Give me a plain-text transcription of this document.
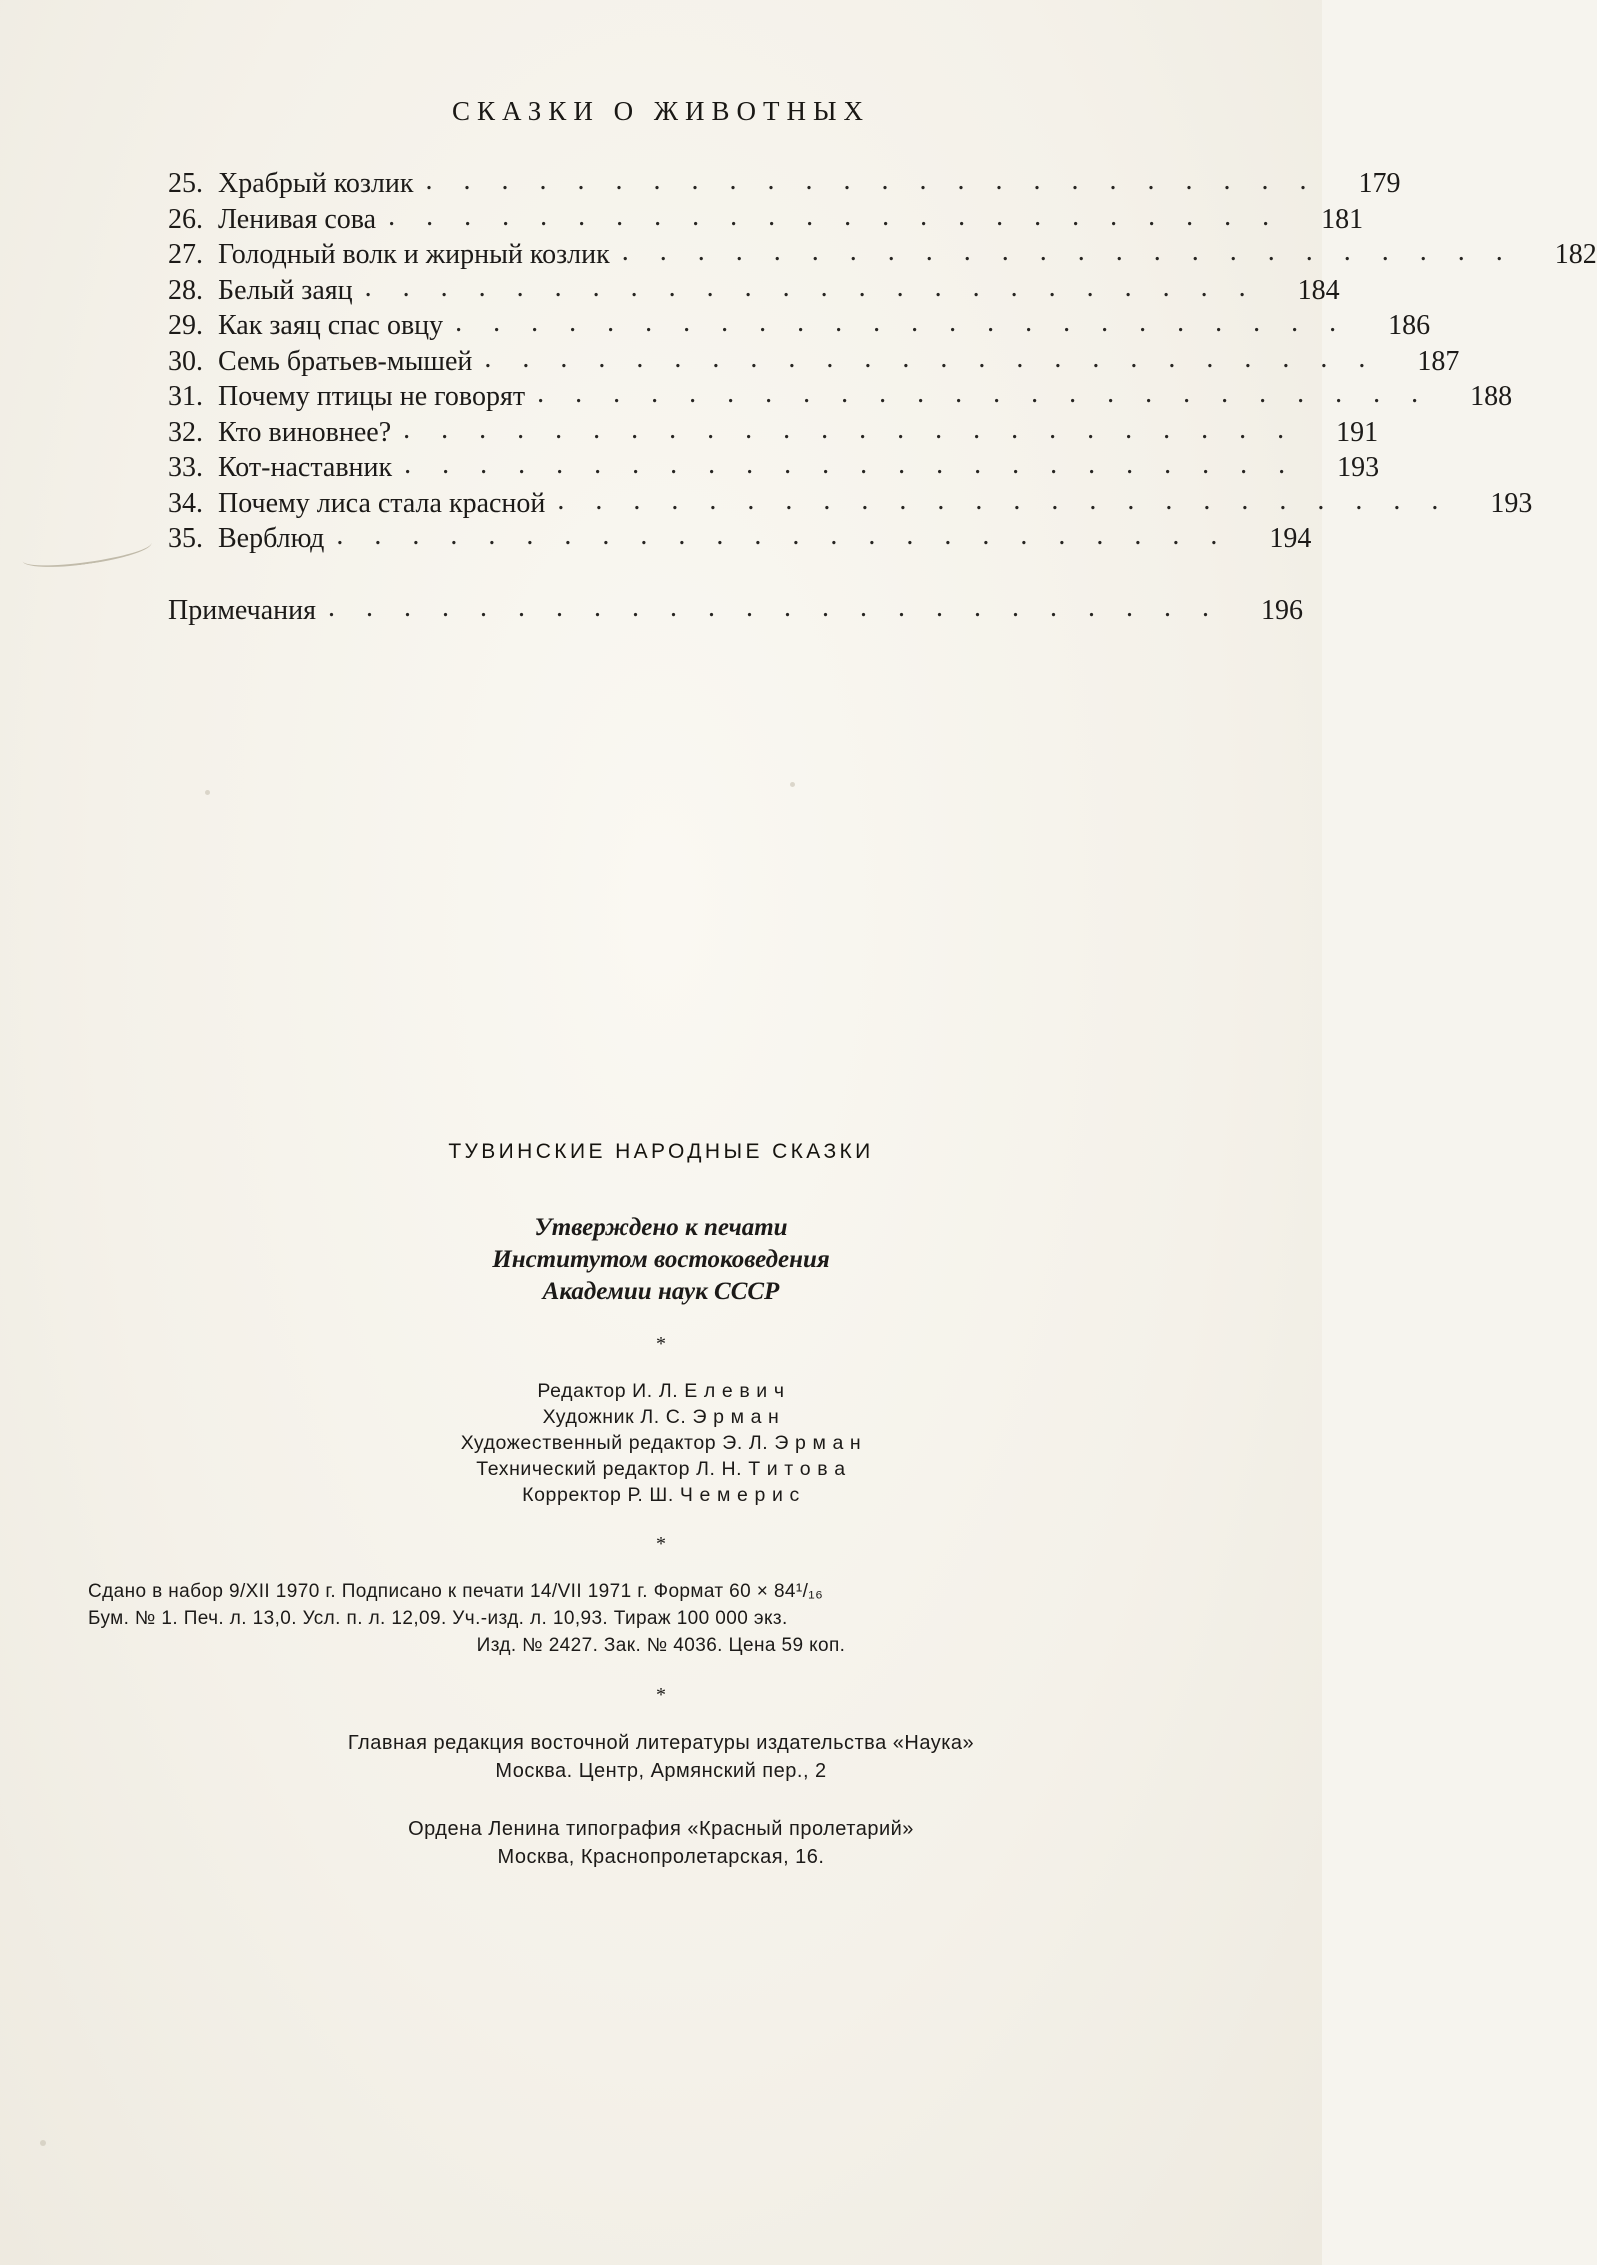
СКАЗКИ О ЖИВОТНЫХ
25. Храбрый козлик . . . . . . . . . . . . . . . . . . . . . . . .	179
26. Ленивая сова . . . . . . . . . . . . . . . . . . . . . . . .	181
27. Голодный волк и жирный козлик . . . . . . . . . . . . . . . . . . . . . . . .	182
28. Белый заяц . . . . . . . . . . . . . . . . . . . . . . . .	184
29. Как заяц спас овцу . . . . . . . . . . . . . . . . . . . . . . . .	186
30. Семь братьев-мышей . . . . . . . . . . . . . . . . . . . . . . . .	187
31. Почему птицы не говорят . . . . . . . . . . . . . . . . . . . . . . . .	188
32. Кто виновнее? . . . . . . . . . . . . . . . . . . . . . . . .	191
33. Кот-наставник . . . . . . . . . . . . . . . . . . . . . . . .	193
34. Почему лиса стала красной . . . . . . . . . . . . . . . . . . . . . . . .	193
35. Верблюд . . . . . . . . . . . . . . . . . . . . . . . .	194
Примечания . . . . . . . . . . . . . . . . . . . . . . . .	196
ТУВИНСКИЕ НАРОДНЫЕ СКАЗКИ
Утверждено к печати
Институтом востоковедения
Академии наук СССР
*
Редактор И. Л. Е л е в и ч
Художник Л. С. Э р м а н
Художественный редактор Э. Л. Э р м а н
Технический редактор Л. Н. Т и т о в а
Корректор Р. Ш. Ч е м е р и с
*
Сдано в набор 9/XII 1970 г. Подписано к печати 14/VII 1971 г. Формат 60 × 84¹/₁₆
Бум. № 1. Печ. л. 13,0. Усл. п. л. 12,09. Уч.-изд. л. 10,93. Тираж 100 000 экз.
Изд. № 2427. Зак. № 4036. Цена 59 коп.
*
Главная редакция восточной литературы издательства «Наука»
Москва. Центр, Армянский пер., 2
Ордена Ленина типография «Красный пролетарий»
Москва, Краснопролетарская, 16.
